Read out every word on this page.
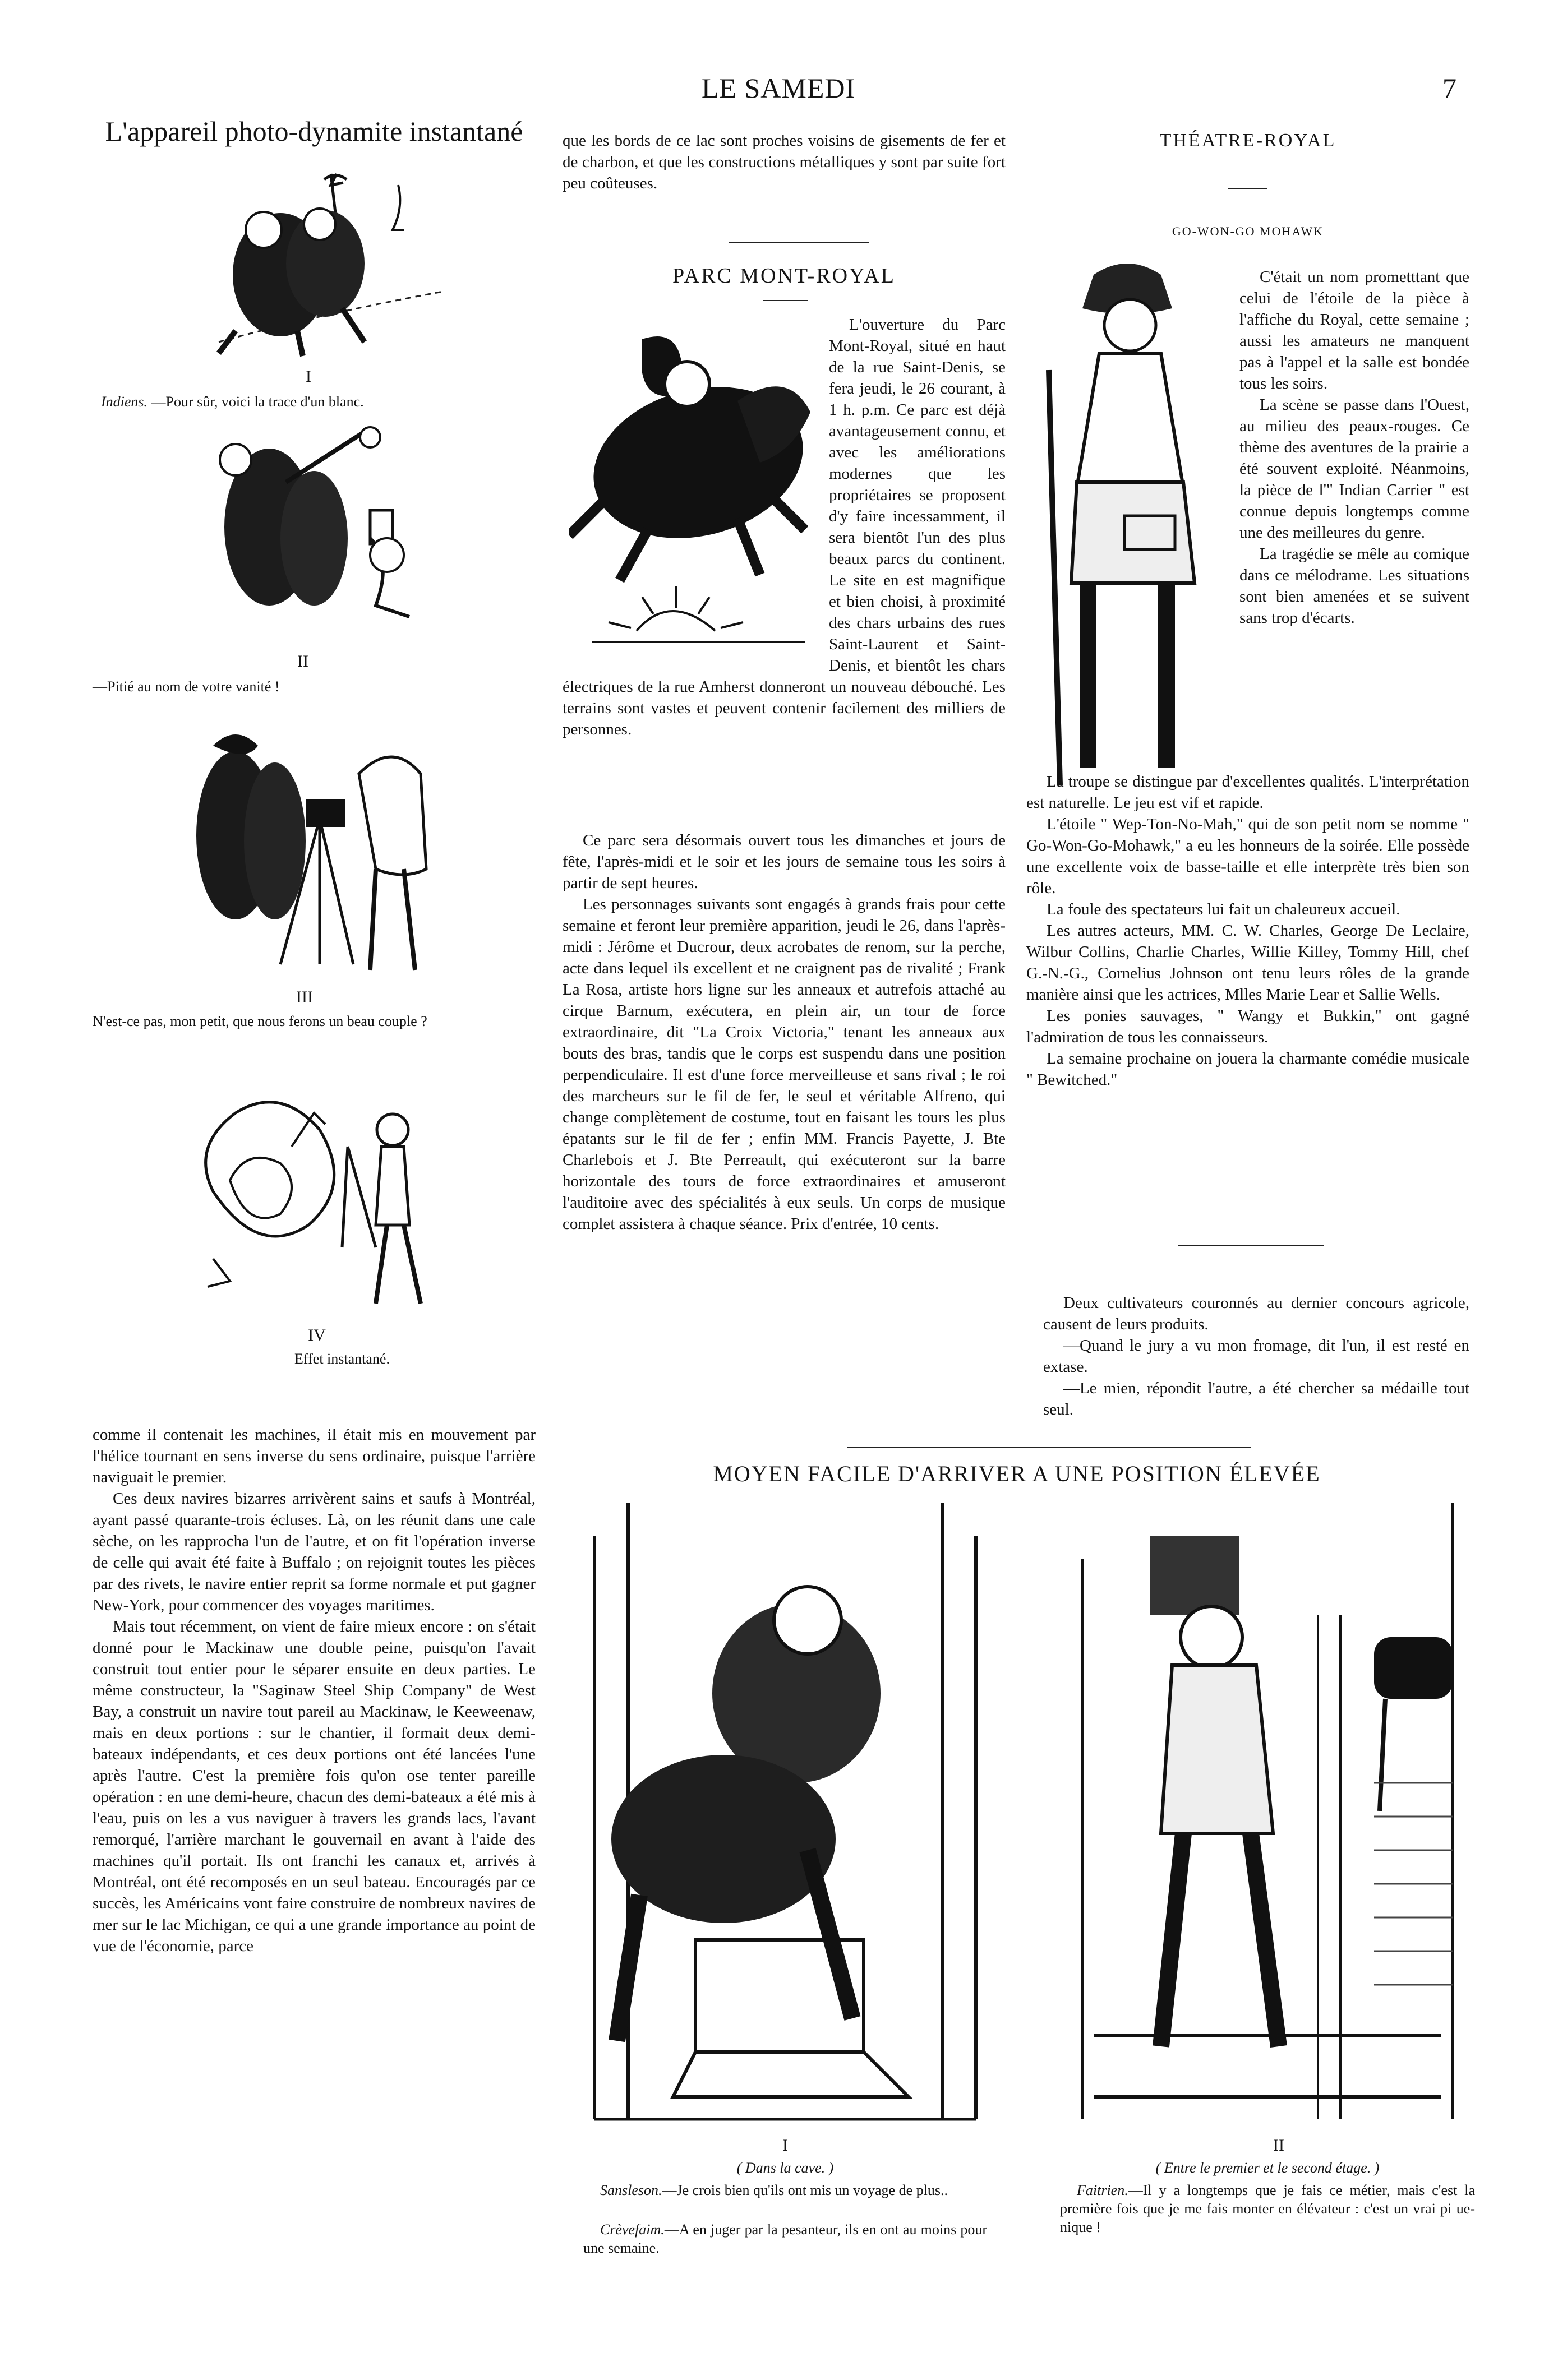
LE SAMEDI	7
L'appareil photo-dynamite instantané
I
Indiens. —Pour sûr, voici la trace d'un blanc.
II
—Pitié au nom de votre vanité !
III
N'est-ce pas, mon petit, que nous ferons un beau couple ?
IV
Effet instantané.

comme il contenait les machines, il était mis en mouvement par l'hélice tournant en sens inverse du sens ordinaire, puisque l'arrière naviguait le premier.

Ces deux navires bizarres arrivèrent sains et saufs à Montréal, ayant passé quarante-trois écluses. Là, on les réunit dans une cale sèche, on les rapprocha l'un de l'autre, et on fit l'opération inverse de celle qui avait été faite à Buffalo ; on rejoignit toutes les pièces par des rivets, le navire entier reprit sa forme normale et put gagner New-York, pour commencer des voyages maritimes.

Mais tout récemment, on vient de faire mieux encore : on s'était donné pour le Mackinaw une double peine, puisqu'on l'avait construit tout entier pour le séparer ensuite en deux parties. Le même constructeur, la "Saginaw Steel Ship Company" de West Bay, a construit un navire tout pareil au Mackinaw, le Keeweenaw, mais en deux portions : sur le chantier, il formait deux demi-bateaux indépendants, et ces deux portions ont été lancées l'une après l'autre. C'est la première fois qu'on ose tenter pareille opération : en une demi-heure, chacun des demi-bateaux a été mis à l'eau, puis on les a vus naviguer à travers les grands lacs, l'avant remorqué, l'arrière marchant le gouvernail en avant à l'aide des machines qu'il portait. Ils ont franchi les canaux et, arrivés à Montréal, ont été recomposés en un seul bateau. Encouragés par ce succès, les Américains vont faire construire de nombreux navires de mer sur le lac Michigan, ce qui a une grande importance au point de vue de l'économie, parce

que les bords de ce lac sont proches voisins de gisements de fer et de charbon, et que les constructions métalliques y sont par suite fort peu coûteuses.

PARC MONT-ROYAL

L'ouverture du Parc Mont-Royal, situé en haut de la rue Saint-Denis, se fera jeudi, le 26 courant, à 1 h. p.m. Ce parc est déjà avantageusement connu, et avec les améliorations modernes que les propriétaires se proposent d'y faire incessamment, il sera bientôt l'un des plus beaux parcs du continent. Le site en est magnifique et bien choisi, à proximité des chars urbains des rues Saint-Laurent et Saint-Denis, et bientôt les chars électriques de la rue Amherst donneront un nouveau débouché. Les terrains sont vastes et peuvent contenir facilement des milliers de personnes.

Ce parc sera désormais ouvert tous les dimanches et jours de fête, l'après-midi et le soir et les jours de semaine tous les soirs à partir de sept heures.

Les personnages suivants sont engagés à grands frais pour cette semaine et feront leur première apparition, jeudi le 26, dans l'après-midi : Jérôme et Ducrour, deux acrobates de renom, sur la perche, acte dans lequel ils excellent et ne craignent pas de rivalité ; Frank La Rosa, artiste hors ligne sur les anneaux et autrefois attaché au cirque Barnum, exécutera, en plein air, un tour de force extraordinaire, dit "La Croix Victoria," tenant les anneaux aux bouts des bras, tandis que le corps est suspendu dans une position perpendiculaire. Il est d'une force merveilleuse et sans rival ; le roi des marcheurs sur le fil de fer, le seul et véritable Alfreno, qui change complètement de costume, tout en faisant les tours les plus épatants sur le fil de fer ; enfin MM. Francis Payette, J. Bte Charlebois et J. Bte Perreault, qui exécuteront sur la barre horizontale des tours de force extraordinaires et amuseront l'auditoire avec des spécialités à eux seuls. Un corps de musique complet assistera à chaque séance. Prix d'entrée, 10 cents.

THÉATRE-ROYAL
GO-WON-GO MOHAWK

C'était un nom prometttant que celui de l'étoile de la pièce à l'affiche du Royal, cette semaine ; aussi les amateurs ne manquent pas à l'appel et la salle est bondée tous les soirs.

La scène se passe dans l'Ouest, au milieu des peaux-rouges. Ce thème des aventures de la prairie a été souvent exploité. Néanmoins, la pièce de l'" Indian Carrier " est connue depuis longtemps comme une des meilleures du genre.

La tragédie se mêle au comique dans ce mélodrame. Les situations sont bien amenées et se suivent sans trop d'écarts.

La troupe se distingue par d'excellentes qualités. L'interprétation est naturelle. Le jeu est vif et rapide.

L'étoile " Wep-Ton-No-Mah," qui de son petit nom se nomme " Go-Won-Go-Mohawk," a eu les honneurs de la soirée. Elle possède une excellente voix de basse-taille et elle interprète très bien son rôle.

La foule des spectateurs lui fait un chaleureux accueil.

Les autres acteurs, MM. C. W. Charles, George De Leclaire, Wilbur Collins, Charlie Charles, Willie Killey, Tommy Hill, chef G.-N.-G., Cornelius Johnson ont tenu leurs rôles de la grande manière ainsi que les actrices, Mlles Marie Lear et Sallie Wells.

Les ponies sauvages, " Wangy et Bukkin," ont gagné l'admiration de tous les connaisseurs.

La semaine prochaine on jouera la charmante comédie musicale " Bewitched."

Deux cultivateurs couronnés au dernier concours agricole, causent de leurs produits.

—Quand le jury a vu mon fromage, dit l'un, il est resté en extase.

—Le mien, répondit l'autre, a été chercher sa médaille tout seul.

MOYEN FACILE D'ARRIVER A UNE POSITION ÉLEVÉE
I
( Dans la cave. )
Sansleson.—Je crois bien qu'ils ont mis un voyage de plus..
Crèvefaim.—A en juger par la pesanteur, ils en ont au moins pour une semaine.
II
( Entre le premier et le second étage. )
Faitrien.—Il y a longtemps que je fais ce métier, mais c'est la première fois que je me fais monter en élévateur : c'est un vrai pi ue-nique !
